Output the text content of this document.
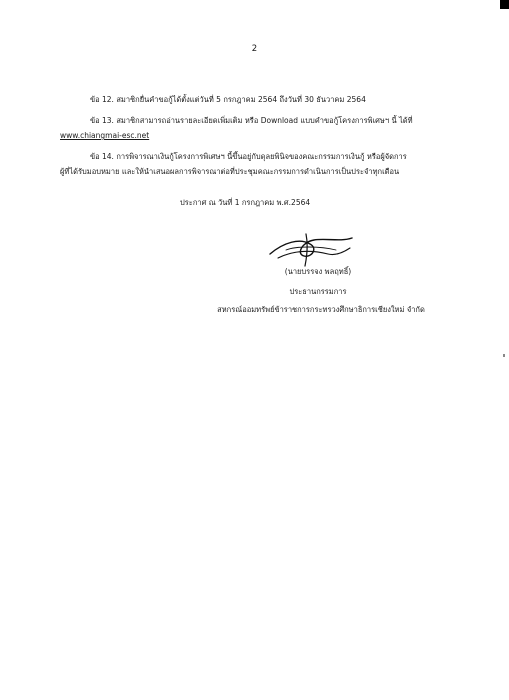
2
ข้อ 12. สมาชิกยื่นคำขอกู้ได้ตั้งแต่วันที่ 5 กรกฎาคม 2564 ถึงวันที่ 30 ธันวาคม 2564
ข้อ 13. สมาชิกสามารถอ่านรายละเอียดเพิ่มเติม หรือ Download แบบคำขอกู้โครงการพิเศษฯ นี้ ได้ที่
www.chiangmai-esc.net
ข้อ 14. การพิจารณาเงินกู้โครงการพิเศษฯ นี้ขึ้นอยู่กับดุลยพินิจของคณะกรรมการเงินกู้ หรือผู้จัดการ
ผู้ที่ได้รับมอบหมาย และให้นำเสนอผลการพิจารณาต่อที่ประชุมคณะกรรมการดำเนินการเป็นประจำทุกเดือน
ประกาศ ณ วันที่ 1 กรกฎาคม พ.ศ.2564
(นายบรรจง พลฤทธิ์)
ประธานกรรมการ
สหกรณ์ออมทรัพย์ข้าราชการกระทรวงศึกษาธิการเชียงใหม่ จำกัด
